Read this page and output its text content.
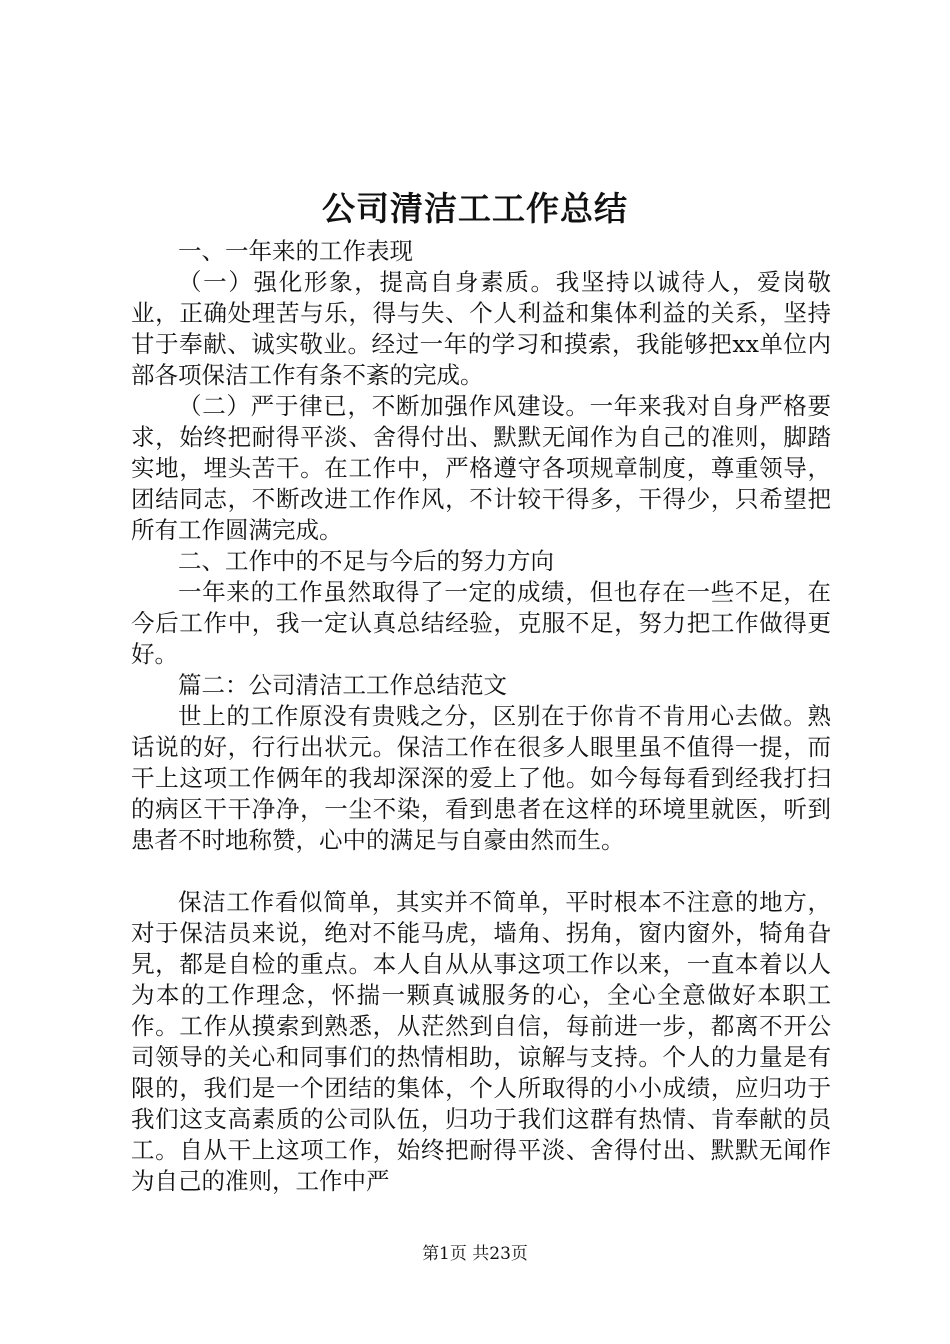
公司清洁工工作总结

一、一年来的工作表现

（一）强化形象，提高自身素质。我坚持以诚待人，爱岗敬业，正确处理苦与乐，得与失、个人利益和集体利益的关系，坚持甘于奉献、诚实敬业。经过一年的学习和摸索，我能够把xx单位内部各项保洁工作有条不紊的完成。

（二）严于律已，不断加强作风建设。一年来我对自身严格要求，始终把耐得平淡、舍得付出、默默无闻作为自己的准则，脚踏实地，埋头苦干。在工作中，严格遵守各项规章制度，尊重领导，团结同志，不断改进工作作风，不计较干得多，干得少，只希望把所有工作圆满完成。

二、工作中的不足与今后的努力方向

一年来的工作虽然取得了一定的成绩，但也存在一些不足，在今后工作中，我一定认真总结经验，克服不足，努力把工作做得更好。

篇二：公司清洁工工作总结范文

世上的工作原没有贵贱之分，区别在于你肯不肯用心去做。熟话说的好，行行出状元。保洁工作在很多人眼里虽不值得一提，而干上这项工作俩年的我却深深的爱上了他。如今每每看到经我打扫的病区干干净净，一尘不染，看到患者在这样的环境里就医，听到患者不时地称赞，心中的满足与自豪由然而生。

保洁工作看似简单，其实并不简单，平时根本不注意的地方，对于保洁员来说，绝对不能马虎，墙角、拐角，窗内窗外，犄角旮旯，都是自检的重点。本人自从从事这项工作以来，一直本着以人为本的工作理念，怀揣一颗真诚服务的心，全心全意做好本职工作。工作从摸索到熟悉，从茫然到自信，每前进一步，都离不开公司领导的关心和同事们的热情相助，谅解与支持。个人的力量是有限的，我们是一个团结的集体，个人所取得的小小成绩，应归功于我们这支高素质的公司队伍，归功于我们这群有热情、肯奉献的员工。自从干上这项工作，始终把耐得平淡、舍得付出、默默无闻作为自己的准则，工作中严

第1页 共23页
